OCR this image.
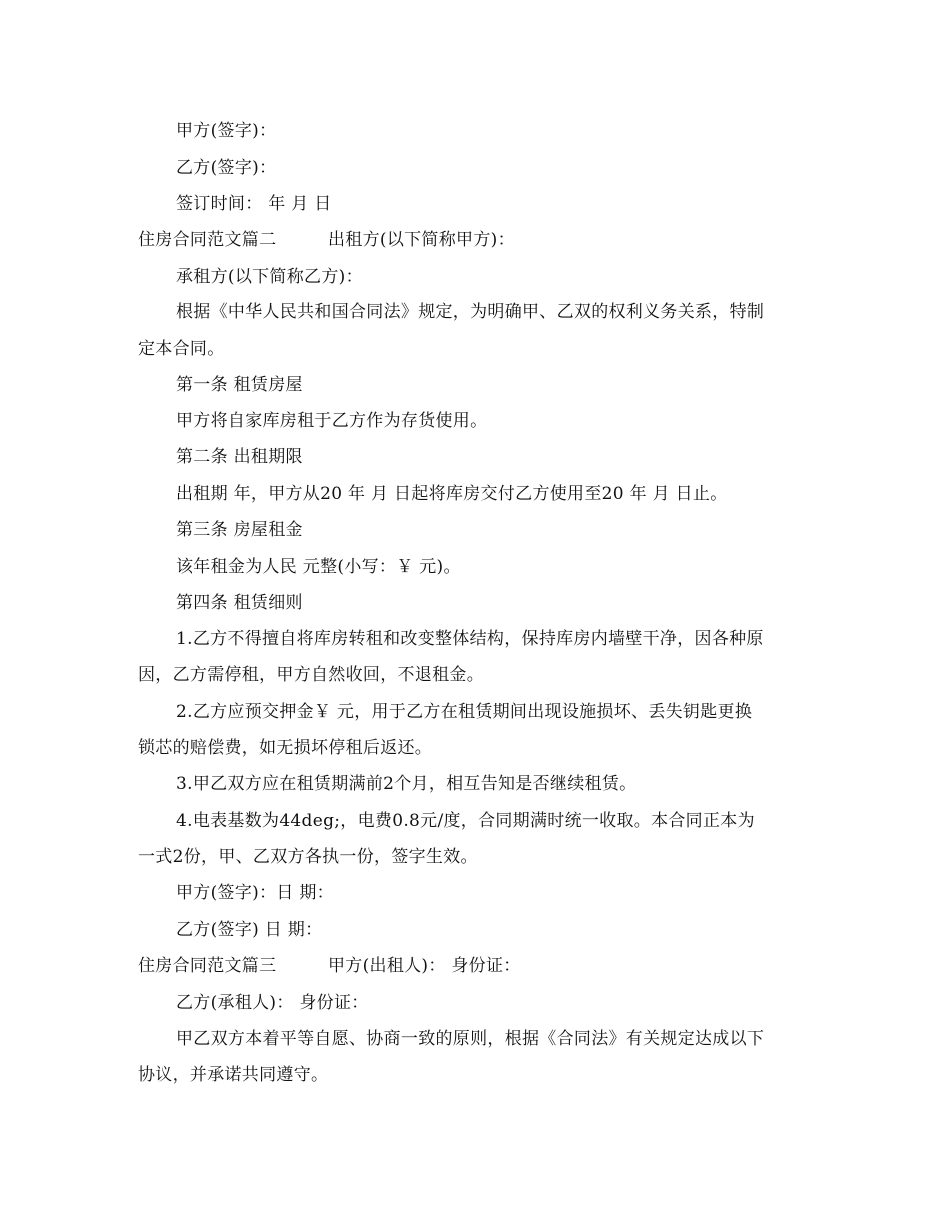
甲方(签字)：
乙方(签字)：
签订时间： 年 月 日
住房合同范文篇二	出租方(以下简称甲方)：
承租方(以下简称乙方)：
根据《中华人民共和国合同法》规定，为明确甲、乙双的权利义务关系，特制
定本合同。
第一条 租赁房屋
甲方将自家库房租于乙方作为存货使用。
第二条 出租期限
出租期 年，甲方从20 年 月 日起将库房交付乙方使用至20 年 月 日止。
第三条 房屋租金
该年租金为人民 元整(小写：￥ 元)。
第四条 租赁细则
1.乙方不得擅自将库房转租和改变整体结构，保持库房内墙壁干净，因各种原
因，乙方需停租，甲方自然收回，不退租金。
2.乙方应预交押金￥ 元，用于乙方在租赁期间出现设施损坏、丢失钥匙更换
锁芯的赔偿费，如无损坏停租后返还。
3.甲乙双方应在租赁期满前2个月，相互告知是否继续租赁。
4.电表基数为44deg;，电费0.8元/度，合同期满时统一收取。本合同正本为
一式2份，甲、乙双方各执一份，签字生效。
甲方(签字)：日 期：
乙方(签字) 日 期：
住房合同范文篇三	甲方(出租人)： 身份证：
乙方(承租人)： 身份证：
甲乙双方本着平等自愿、协商一致的原则，根据《合同法》有关规定达成以下
协议，并承诺共同遵守。
